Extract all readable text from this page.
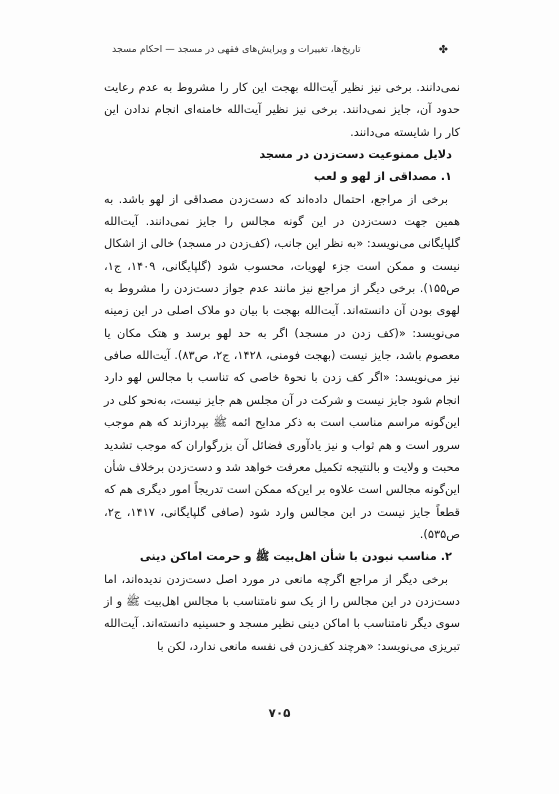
✤
تاریخ‌ها، تغییرات و ویرایش‌های فقهی در مسجد — احکام مسجد

نمی‌دانند. برخی نیز نظیر آیت‌الله بهجت این کار را مشروط به عدم رعایت حدود آن، جایز نمی‌دانند. برخی نیز نظیر آیت‌الله خامنه‌ای انجام ندادن این کار را شایسته می‌دانند.

دلایل ممنوعیت دست‌زدن در مسجد
۱. مصداقی از لهو و لعب

برخی از مراجع، احتمال داده‌اند که دست‌زدن مصداقی از لهو باشد. به همین جهت دست‌زدن در این گونه مجالس را جایز نمی‌دانند. آیت‌الله گلپایگانی می‌نویسد: «به نظر این جانب، (کف‌زدن در مسجد) خالی از اشکال نیست و ممکن است جزء لهویات، محسوب شود (گلپایگانی، ۱۴۰۹، ج۱، ص۱۵۵). برخی دیگر از مراجع نیز مانند عدم جواز دست‌زدن را مشروط به لهوی بودن آن دانسته‌اند. آیت‌الله بهجت با بیان دو ملاک اصلی در این زمینه می‌نویسد: «(کف زدن در مسجد) اگر به حد لهو برسد و هتک مکان یا معصوم باشد، جایز نیست (بهجت فومنی، ۱۴۲۸، ج۲، ص۸۳). آیت‌الله صافی نیز می‌نویسد: «اگر کف زدن با نحوهٔ خاصی که تناسب با مجالس لهو دارد انجام شود جایز نیست و شرکت در آن مجلس هم جایز نیست، به‌نحو کلی در این‌گونه مراسم مناسب است به ذکر مدایح ائمه ﷺ بپردازند که هم موجب سرور است و هم ثواب و نیز یادآوری فضائل آن بزرگواران که موجب تشدید محبت و ولایت و بالنتیجه تکمیل معرفت خواهد شد و دست‌زدن برخلاف شأن این‌گونه مجالس است علاوه بر این‌که ممکن است تدریجاً امور دیگری هم که قطعاً جایز نیست در این مجالس وارد شود (صافی گلپایگانی، ۱۴۱۷، ج۲، ص۵۳۵).

۲. مناسب نبودن با شأن اهل‌بیت ﷺ و حرمت اماکن دینی

برخی دیگر از مراجع اگرچه مانعی در مورد اصل دست‌زدن ندیده‌اند، اما دست‌زدن در این مجالس را از یک سو نامتناسب با مجالس اهل‌بیت ﷺ و از سوی دیگر نامتناسب با اماکن دینی نظیر مسجد و حسینیه دانسته‌اند. آیت‌الله تبریزی می‌نویسد: «هرچند کف‌زدن فی نفسه مانعی ندارد، لکن با

۷۰۵
